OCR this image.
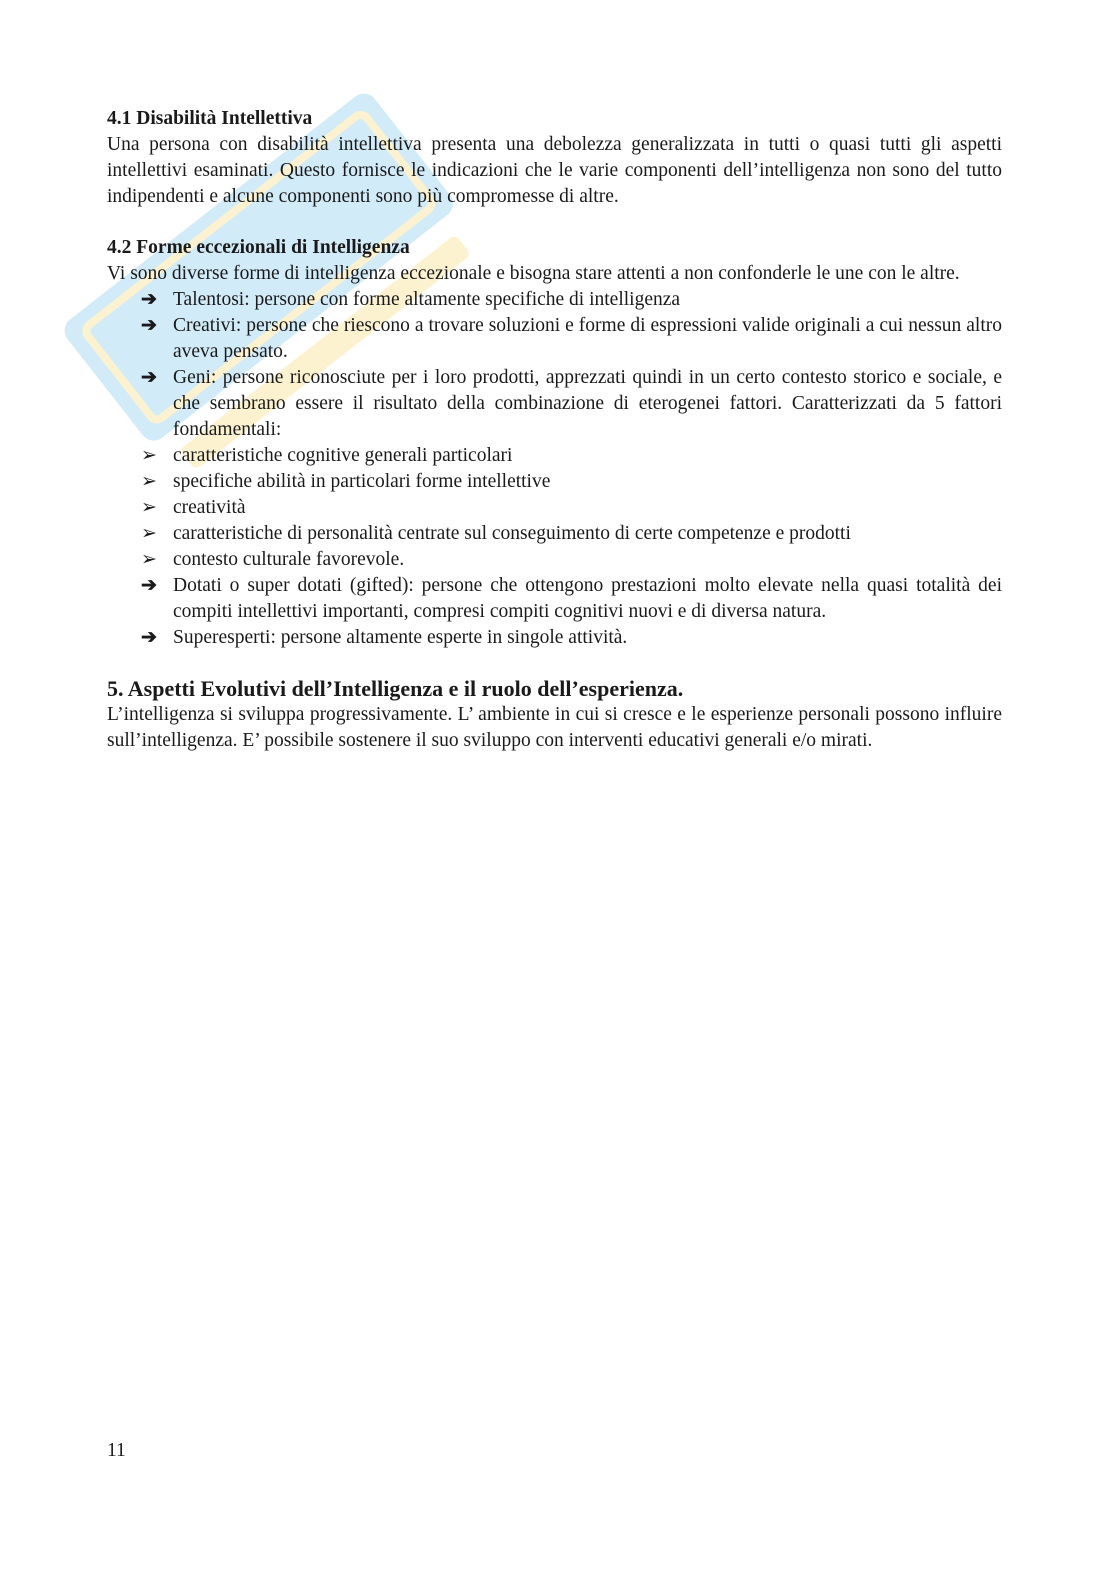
4.1 Disabilità Intellettiva

Una persona con disabilità intellettiva presenta una debolezza generalizzata in tutti o quasi tutti gli aspetti intellettivi esaminati. Questo fornisce le indicazioni che le varie componenti dell’intelligenza non sono del tutto indipendenti e alcune componenti sono più compromesse di altre.

4.2 Forme eccezionali di Intelligenza

Vi sono diverse forme di intelligenza eccezionale e bisogna stare attenti a non confonderle le une con le altre.

➔ Talentosi: persone con forme altamente specifiche di intelligenza
➔ Creativi: persone che riescono a trovare soluzioni e forme di espressioni valide originali a cui nessun altro aveva pensato.
➔ Geni: persone riconosciute per i loro prodotti, apprezzati quindi in un certo contesto storico e sociale, e che sembrano essere il risultato della combinazione di eterogenei fattori. Caratterizzati da 5 fattori fondamentali:
➢ caratteristiche cognitive generali particolari
➢ specifiche abilità in particolari forme intellettive
➢ creatività
➢ caratteristiche di personalità centrate sul conseguimento di certe competenze e prodotti
➢ contesto culturale favorevole.
➔ Dotati o super dotati (gifted): persone che ottengono prestazioni molto elevate nella quasi totalità dei compiti intellettivi importanti, compresi compiti cognitivi nuovi e di diversa natura.
➔ Superesperti: persone altamente esperte in singole attività.
5. Aspetti Evolutivi dell’Intelligenza e il ruolo dell’esperienza.

L’intelligenza si sviluppa progressivamente. L’ ambiente in cui si cresce e le esperienze personali possono influire sull’intelligenza. E’ possibile sostenere il suo sviluppo con interventi educativi generali e/o mirati.

11
